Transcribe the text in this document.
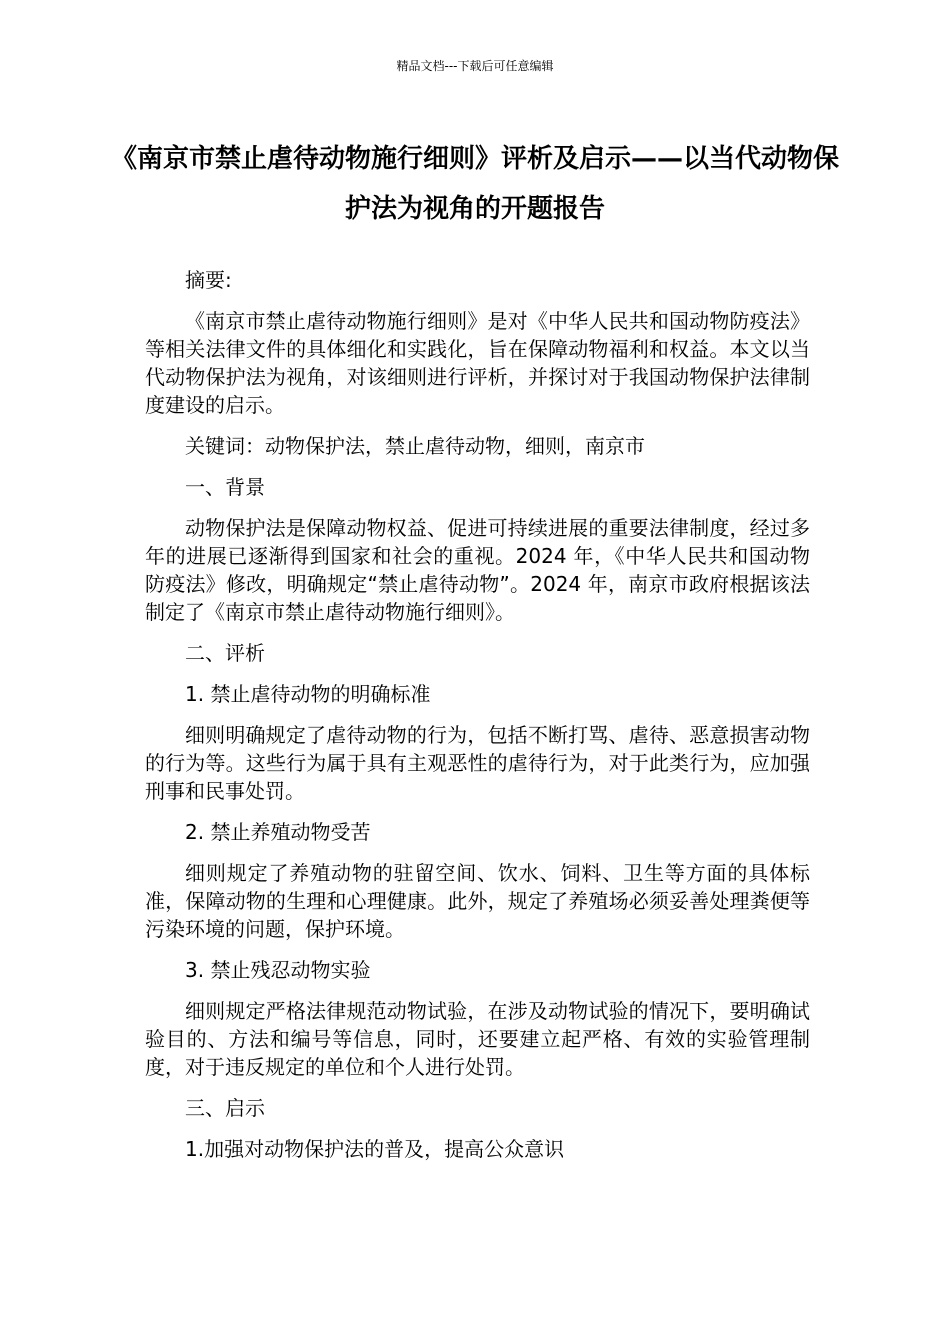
精品文档---下载后可任意编辑
《南京市禁止虐待动物施行细则》评析及启示——以当代动物保护法为视角的开题报告

摘要:

《南京市禁止虐待动物施行细则》是对《中华人民共和国动物防疫法》等相关法律文件的具体细化和实践化，旨在保障动物福利和权益。本文以当代动物保护法为视角，对该细则进行评析，并探讨对于我国动物保护法律制度建设的启示。

关键词：动物保护法，禁止虐待动物，细则，南京市

一、背景

动物保护法是保障动物权益、促进可持续进展的重要法律制度，经过多年的进展已逐渐得到国家和社会的重视。2024 年，《中华人民共和国动物防疫法》修改，明确规定“禁止虐待动物”。2024 年，南京市政府根据该法制定了《南京市禁止虐待动物施行细则》。

二、评析

1. 禁止虐待动物的明确标准

细则明确规定了虐待动物的行为，包括不断打骂、虐待、恶意损害动物的行为等。这些行为属于具有主观恶性的虐待行为，对于此类行为，应加强刑事和民事处罚。

2. 禁止养殖动物受苦

细则规定了养殖动物的驻留空间、饮水、饲料、卫生等方面的具体标准，保障动物的生理和心理健康。此外，规定了养殖场必须妥善处理粪便等污染环境的问题，保护环境。

3. 禁止残忍动物实验

细则规定严格法律规范动物试验，在涉及动物试验的情况下，要明确试验目的、方法和编号等信息，同时，还要建立起严格、有效的实验管理制度，对于违反规定的单位和个人进行处罚。

三、启示

1.加强对动物保护法的普及，提高公众意识
